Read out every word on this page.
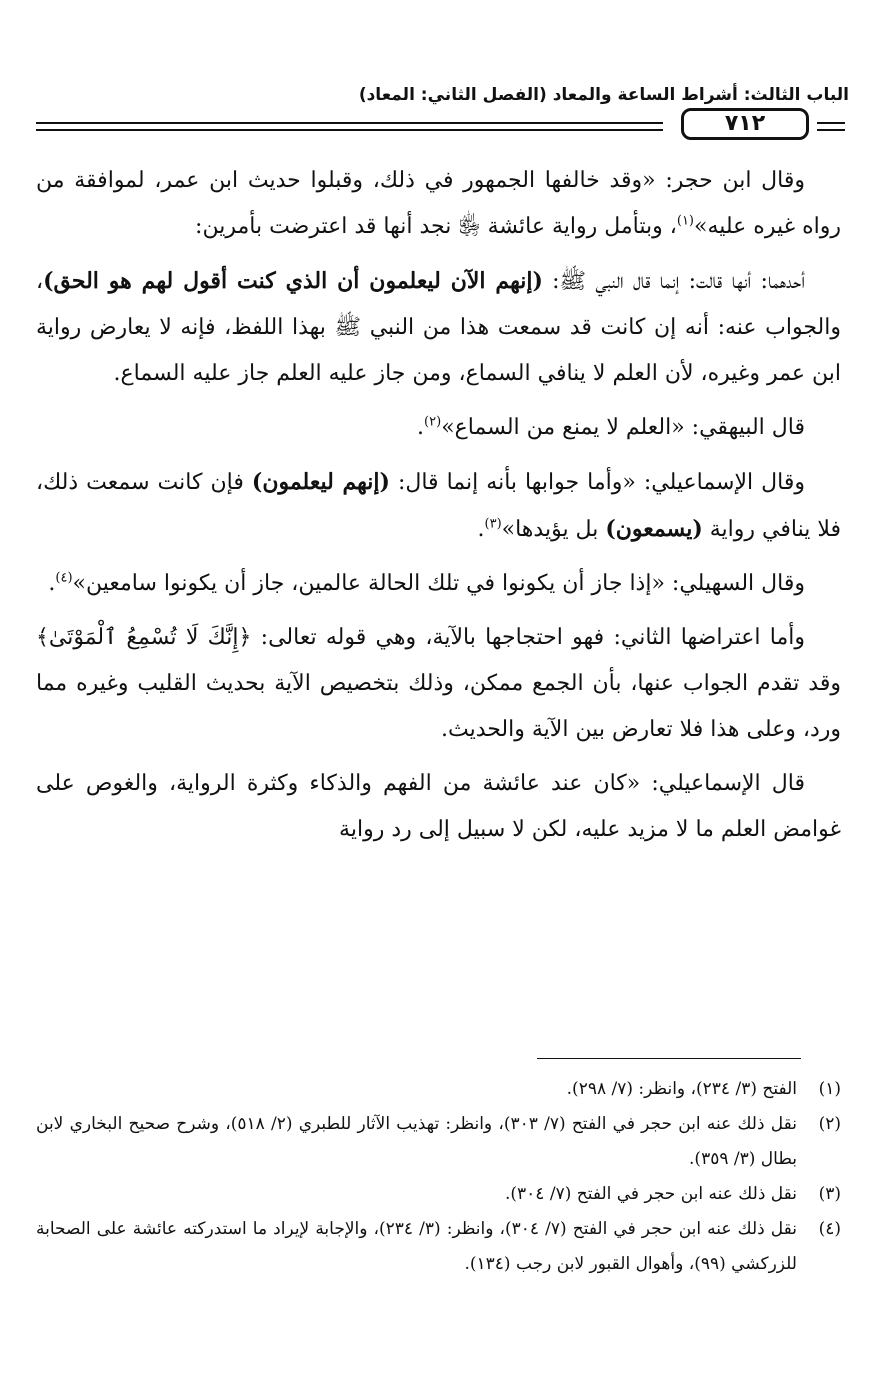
الباب الثالث: أشراط الساعة والمعاد (الفصل الثاني: المعاد)
٧١٢

وقال ابن حجر: «وقد خالفها الجمهور في ذلك، وقبلوا حديث ابن عمر، لموافقة من رواه غيره عليه»$^{(١)}$، وبتأمل رواية عائشة ﵂ نجد أنها قد اعترضت بأمرين:

أحدهما: أنها قالت: إنما قال النبي ﷺ: (إنهم الآن ليعلمون أن الذي كنت أقول لهم هو الحق)، والجواب عنه: أنه إن كانت قد سمعت هذا من النبي ﷺ بهذا اللفظ، فإنه لا يعارض رواية ابن عمر وغيره، لأن العلم لا ينافي السماع، ومن جاز عليه العلم جاز عليه السماع.

قال البيهقي: «العلم لا يمنع من السماع»$^{(٢)}$.

وقال الإسماعيلي: «وأما جوابها بأنه إنما قال: (إنهم ليعلمون) فإن كانت سمعت ذلك، فلا ينافي رواية (يسمعون) بل يؤيدها»$^{(٣)}$.

وقال السهيلي: «إذا جاز أن يكونوا في تلك الحالة عالمين، جاز أن يكونوا سامعين»$^{(٤)}$.

وأما اعتراضها الثاني: فهو احتجاجها بالآية، وهي قوله تعالى: ﴿إِنَّكَ لَا تُسْمِعُ ٱلْمَوْتَىٰ﴾ وقد تقدم الجواب عنها، بأن الجمع ممكن، وذلك بتخصيص الآية بحديث القليب وغيره مما ورد، وعلى هذا فلا تعارض بين الآية والحديث.

قال الإسماعيلي: «كان عند عائشة من الفهم والذكاء وكثرة الرواية، والغوص على غوامض العلم ما لا مزيد عليه، لكن لا سبيل إلى رد رواية

(١)
الفتح (٣/ ٢٣٤)، وانظر: (٧/ ٢٩٨).
(٢)
نقل ذلك عنه ابن حجر في الفتح (٧/ ٣٠٣)، وانظر: تهذيب الآثار للطبري (٢/ ٥١٨)، وشرح صحيح البخاري لابن بطال (٣/ ٣٥٩).
(٣)
نقل ذلك عنه ابن حجر في الفتح (٧/ ٣٠٤).
(٤)
نقل ذلك عنه ابن حجر في الفتح (٧/ ٣٠٤)، وانظر: (٣/ ٢٣٤)، والإجابة لإيراد ما استدركته عائشة على الصحابة للزركشي (٩٩)، وأهوال القبور لابن رجب (١٣٤).
